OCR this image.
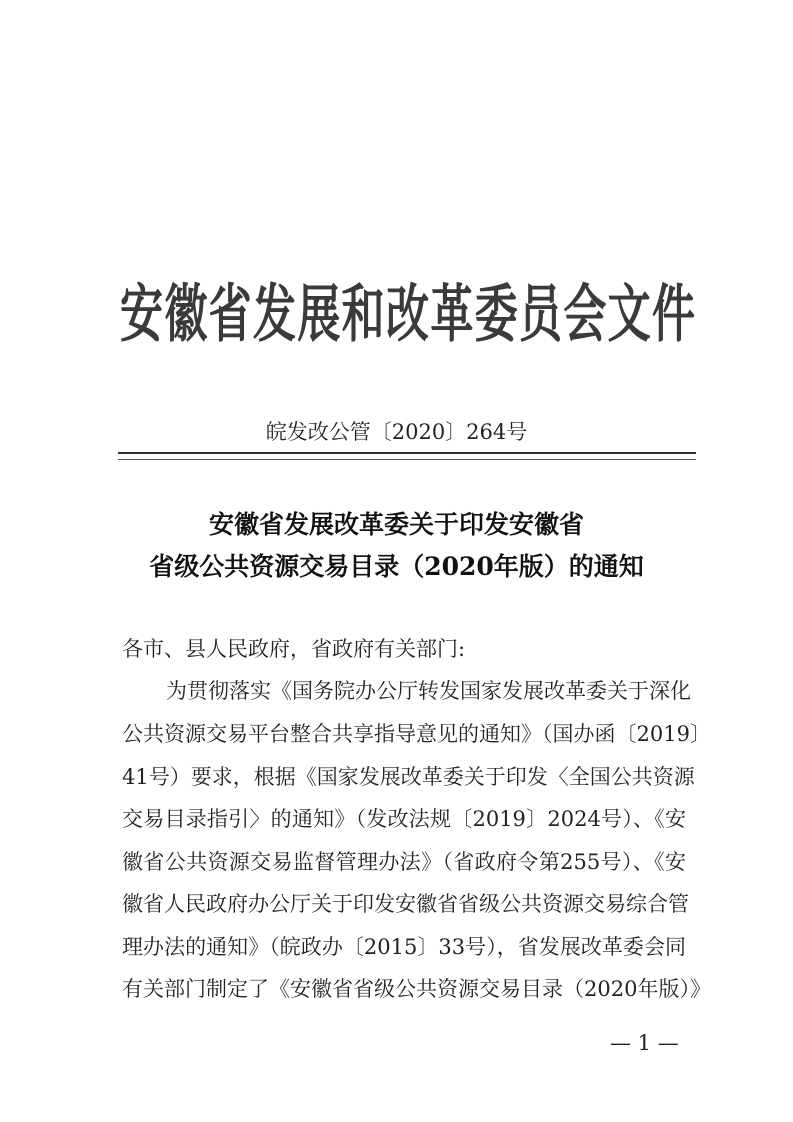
安徽省发展和改革委员会文件
皖发改公管〔2020〕264号
安徽省发展改革委关于印发安徽省
省级公共资源交易目录（2020年版）的通知
各市、县人民政府，省政府有关部门:
为贯彻落实《国务院办公厅转发国家发展改革委关于深化
公共资源交易平台整合共享指导意见的通知》（国办函〔2019〕
41号）要求，根据《国家发展改革委关于印发〈全国公共资源
交易目录指引〉的通知》（发改法规〔2019〕2024号）、《安
徽省公共资源交易监督管理办法》（省政府令第255号）、《安
徽省人民政府办公厅关于印发安徽省省级公共资源交易综合管
理办法的通知》（皖政办〔2015〕33号），省发展改革委会同
有关部门制定了《安徽省省级公共资源交易目录（2020年版）》
— 1 —
